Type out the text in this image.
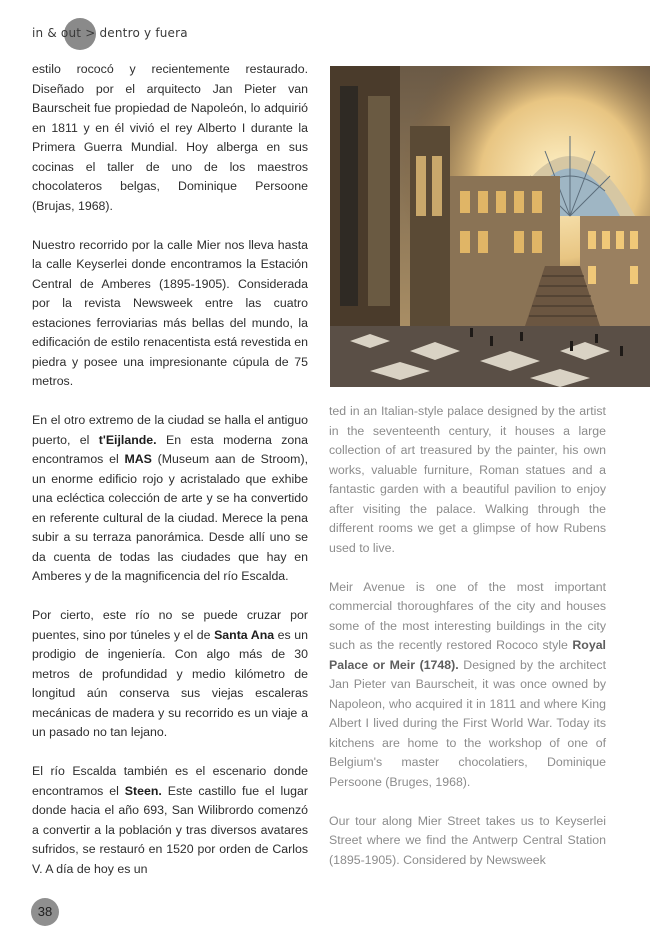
in & out > dentro y fuera

estilo rococó y recientemente restaurado. Diseñado por el arquitecto Jan Pieter van Baurscheit fue propiedad de Napoleón, lo adquirió en 1811 y en él vivió el rey Alberto I durante la Primera Guerra Mundial. Hoy alberga en sus cocinas el taller de uno de los maestros chocolateros belgas, Dominique Persoone (Brujas, 1968).

Nuestro recorrido por la calle Mier nos lleva hasta la calle Keyserlei donde encontramos la Estación Central de Amberes (1895-1905). Considerada por la revista Newsweek entre las cuatro estaciones ferroviarias más bellas del mundo, la edificación de estilo renacentista está revestida en piedra y posee una impresionante cúpula de 75 metros.

En el otro extremo de la ciudad se halla el antiguo puerto, el t'Eijlande. En esta moderna zona encontramos el MAS (Museum aan de Stroom), un enorme edificio rojo y acristalado que exhibe una ecléctica colección de arte y se ha convertido en referente cultural de la ciudad. Merece la pena subir a su terraza panorámica. Desde allí uno se da cuenta de todas las ciudades que hay en Amberes y de la magnificencia del río Escalda.

Por cierto, este río no se puede cruzar por puentes, sino por túneles y el de Santa Ana es un prodigio de ingeniería. Con algo más de 30 metros de profundidad y medio kilómetro de longitud aún conserva sus viejas escaleras mecánicas de madera y su recorrido es un viaje a un pasado no tan lejano.

El río Escalda también es el escenario donde encontramos el Steen. Este castillo fue el lugar donde hacia el año 693, San Wilibrordo comenzó a convertir a la población y tras diversos avatares sufridos, se restauró en 1520 por orden de Carlos V. A día de hoy es un

ted in an Italian-style palace designed by the artist in the seventeenth century, it houses a large collection of art treasured by the painter, his own works, valuable furniture, Roman statues and a fantastic garden with a beautiful pavilion to enjoy after visiting the palace. Walking through the different rooms we get a glimpse of how Rubens used to live.

Meir Avenue is one of the most important commercial thoroughfares of the city and houses some of the most interesting buildings in the city such as the recently restored Rococo style Royal Palace or Meir (1748). Designed by the architect Jan Pieter van Baurscheit, it was once owned by Napoleon, who acquired it in 1811 and where King Albert I lived during the First World War. Today its kitchens are home to the workshop of one of Belgium's master chocolatiers, Dominique Persoone (Bruges, 1968).

Our tour along Mier Street takes us to Keyserlei Street where we find the Antwerp Central Station (1895-1905). Considered by Newsweek

38
